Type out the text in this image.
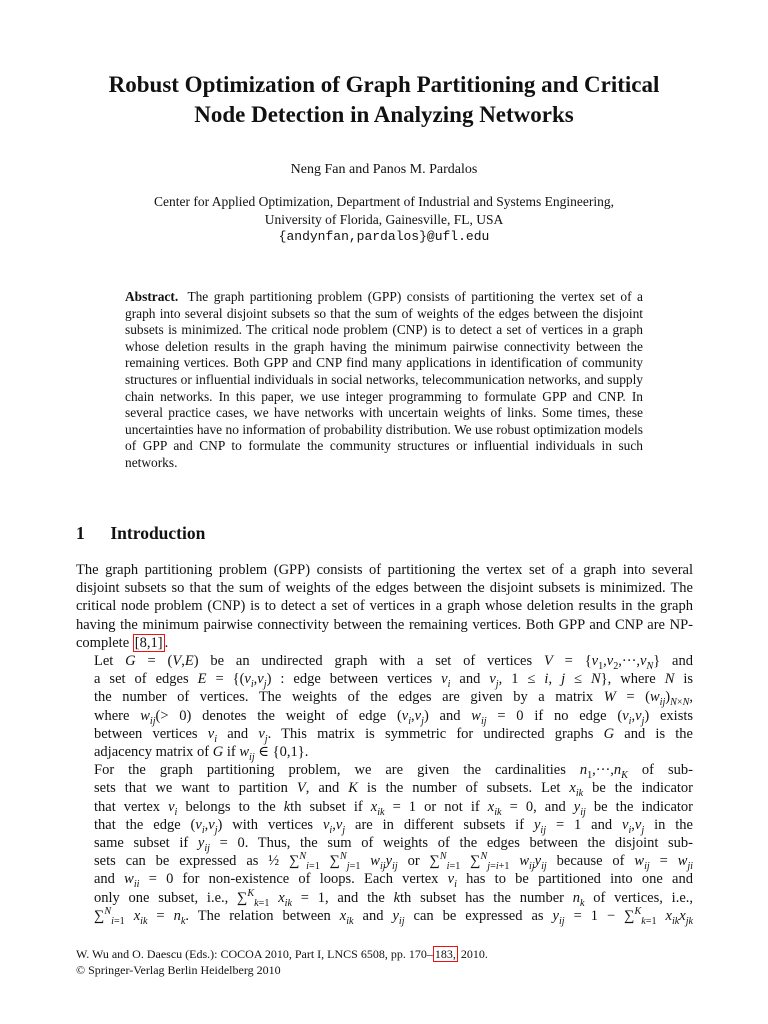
Robust Optimization of Graph Partitioning and Critical
Node Detection in Analyzing Networks
Neng Fan and Panos M. Pardalos
Center for Applied Optimization, Department of Industrial and Systems Engineering,
University of Florida, Gainesville, FL, USA
{andynfan,pardalos}@ufl.edu
Abstract. The graph partitioning problem (GPP) consists of partitioning the vertex set of a graph into several disjoint subsets so that the sum of weights of the edges between the disjoint subsets is minimized. The critical node problem (CNP) is to detect a set of vertices in a graph whose deletion results in the graph having the minimum pairwise connectivity between the remaining vertices. Both GPP and CNP find many applications in identification of community structures or influential individuals in social networks, telecommunication networks, and supply chain networks. In this paper, we use integer programming to formulate GPP and CNP. In several practice cases, we have networks with uncertain weights of links. Some times, these uncertainties have no information of probability distribution. We use robust optimization models of GPP and CNP to formulate the community structures or influential individuals in such networks.
1 Introduction

The graph partitioning problem (GPP) consists of partitioning the vertex set of a graph into several disjoint subsets so that the sum of weights of the edges between the disjoint subsets is minimized. The critical node problem (CNP) is to detect a set of vertices in a graph whose deletion results in the graph having the minimum pairwise connectivity between the remaining vertices. Both GPP and CNP are NP-complete [8,1] .

Let G = (V,E) be an undirected graph with a set of vertices $V = \{v_1,v_2,\cdot\cdot\cdot,v_N\}$ and
a set of edges $E = \{(v_i,v_j)$ : edge between vertices $v_i$ and $v_j$, 1 ≤ i, j ≤ N}, where N is
the number of vertices. The weights of the edges are given by a matrix $W = (w_{ij})_{N\times N}$,
where $w_{ij}(> 0)$ denotes the weight of edge $(v_i,v_j)$ and $w_{ij} = 0$ if no edge $(v_i,v_j)$ exists
between vertices $v_i$ and $v_j$. This matrix is symmetric for undirected graphs G and is the
adjacency matrix of G if $w_{ij}$ ∈ {0,1}.

For the graph partitioning problem, we are given the cardinalities $n_1,\cdot\cdot\cdot,n_K$ of sub-
sets that we want to partition V, and K is the number of subsets. Let $x_{ik}$ be the indicator
that vertex $v_i$ belongs to the kth subset if $x_{ik} = 1$ or not if $x_{ik} = 0$, and $y_{ij}$ be the indicator
that the edge $(v_i,v_j)$ with vertices $v_i,v_j$ are in different subsets if $y_{ij} = 1$ and $v_i,v_j$ in the
same subset if $y_{ij} = 0$. Thus, the sum of weights of the edges between the disjoint sub-
sets can be expressed as ½ ∑$^N_{i=1}$ ∑$^N_{j=1}$ $w_{ij}y_{ij}$ or ∑$^N_{i=1}$ ∑$^N_{j=i+1}$ $w_{ij}y_{ij}$ because of $w_{ij} = w_{ji}$
and $w_{ii} = 0$ for non-existence of loops. Each vertex $v_i$ has to be partitioned into one and
only one subset, i.e., ∑$^K_{k=1}$ $x_{ik} = 1$, and the kth subset has the number $n_k$ of vertices, i.e.,
∑$^N_{i=1}$ $x_{ik} = n_k$. The relation between $x_{ik}$ and $y_{ij}$ can be expressed as $y_{ij} = 1 - \sum^K_{k=1}$ $x_{ik}x_{jk}$

W. Wu and O. Daescu (Eds.): COCOA 2010, Part I, LNCS 6508, pp. 170– 183, 2010.
© Springer-Verlag Berlin Heidelberg 2010
